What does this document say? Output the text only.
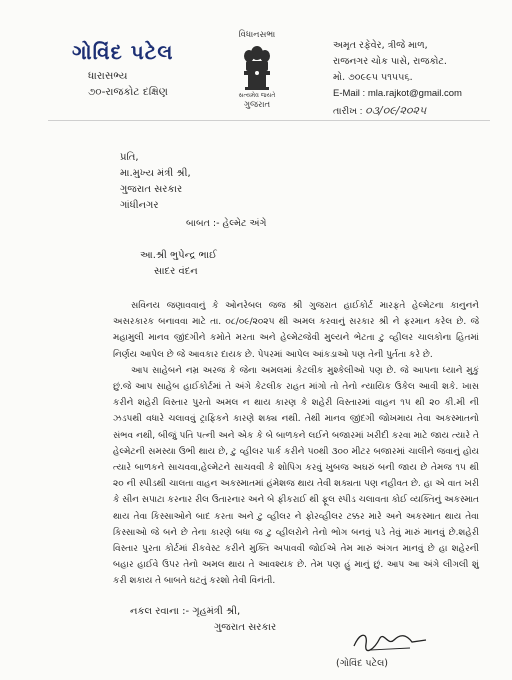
ગોવિંદ પટેલ
ધારાસભ્ય
૭૦-રાજકોટ દક્ષિણ
વિધાનસભા
સત્યમેવ જયતે
ગુજરાત
અમૃત રફેવેર, ત્રીજે માળ,
રાજનગર ચોક પાસે, રાજકોટ.
મો. ૭૦૯૯૫ ૫૧૫૫૬.
E-Mail : mla.rajkot@gmail.com
તારીખ : ૦૩/૦૯/૨૦૨૫
પ્રતિ,
મા.મુખ્ય મંત્રી શ્રી,
ગુજરાત સરકાર
ગાંધીનગર
બાબત :- હેલ્મેટ અંગે
આ.શ્રી ભુપેન્દ્ર ભાઈ
સાદર વંદન

સવિનય જણાવવાનું કે ઓનરેબલ જજ શ્રી ગુજરાત હાઈકોર્ટ મારફતે હેલ્મેટના કાનુનને અસરકારક બનાવવા માટે તા. ૦૮/૦૯/૨૦૨૫ થી અમલ કરવાનું સરકાર શ્રી ને ફરમાન કરેલ છે. જે મહામુલી માનવ જીંદગીને કમોતે મરતા અને હેલ્મેટજેવી મુલ્યને ભેટતા ટુ વ્હીલર ચાલકોના હિતમાં નિર્ણય આપેલ છે જે આવકાર દાયક છે. પેપરમાં આપેલ આંકડાઓ પણ તેની પુર્તતા કરે છે.

આપ સાહેબને નમ્ર અરજ કે જેના અમલમાં કેટલીક મુશ્કેલીઓ પણ છે. જે આપના ધ્યાને મુકું છું.જે આપ સાહેબ હાઈકોર્ટમાં તે અંગે કેટલીક રાહત માંગો તો તેનો ન્યાયિક ઉકેલ આવી શકે. ખાસ કરીને શહેરી વિસ્તાર પુરતો અમલ ન થાય કારણ કે શહેરી વિસ્તારમાં વાહન ૧૫ થી ૨૦ કી.મી ની ઝડપથી વધારે ચલાવવું ટ્રાફિકને કારણે શક્ય નથી. તેથી માનવ જીંદગી જોખમાય તેવા અકસ્માતનો સંભવ નથી, બીજું પતિ પત્ની અને એક કે બે બાળકને લઈને બજારમાં ખરીદી કરવા માટે જાય ત્યારે તે હેલ્મેટની સમસ્યા ઉભી થાય છે, ટુ વ્હીલર પાર્ક કરીને ૫૦થી ૩૦૦ મીટર બજારમાં ચાલીને જવાનું હોય ત્યારે બાળકને સાચવવા,હેલ્મેટને સાચવવી કે શોપિંગ કરવું ખુબજ અઘરું બની જાય છે તેમજ ૧૫ થી ૨૦ ની સ્પીડથી ચાલતા વાહન અકસ્માતમાં હંમેશજ થાય તેવી શક્યતા પણ નહીવત છે. હા એ વાત ખરી કે સીન સપાટા કરનાર રીલ ઉતારનાર અને બે ફીકરાઈ થી ફૂલ સ્પીડ ચલાવતા કોઈ વ્યક્તિનું અકસ્માત થાય તેવા કિસ્સાઓને બાદ કરતા અને ટુ વ્હીલર ને ફોરવ્હીલર ટક્કર મારે અને અકસ્માત થાય તેવા કિસ્સાઓ જે બને છે તેના કારણે બધા જ ટુ વ્હીલરોને તેનો ભોગ બનવું પડે તેવું મારું માનવું છે.શહેરી વિસ્તાર પુરતા કોર્ટમાં રીકવેસ્ટ કરીને મુક્તિ અપાવવી જોઈએ તેમ મારું અંગત માનવું છે હા શહેરની બહાર હાઈવે ઉપર તેનો અમલ થાય તે આવશ્યક છે. તેમ પણ હું માનું છું. આપ આ અંગે લીગલી શું કરી શકાય તે બાબતે ઘટતું કરશો તેવી વિનંતી.

નકલ રવાના :- ગૃહમંત્રી શ્રી,
ગુજરાત સરકાર
(ગોવિંદ પટેલ)
